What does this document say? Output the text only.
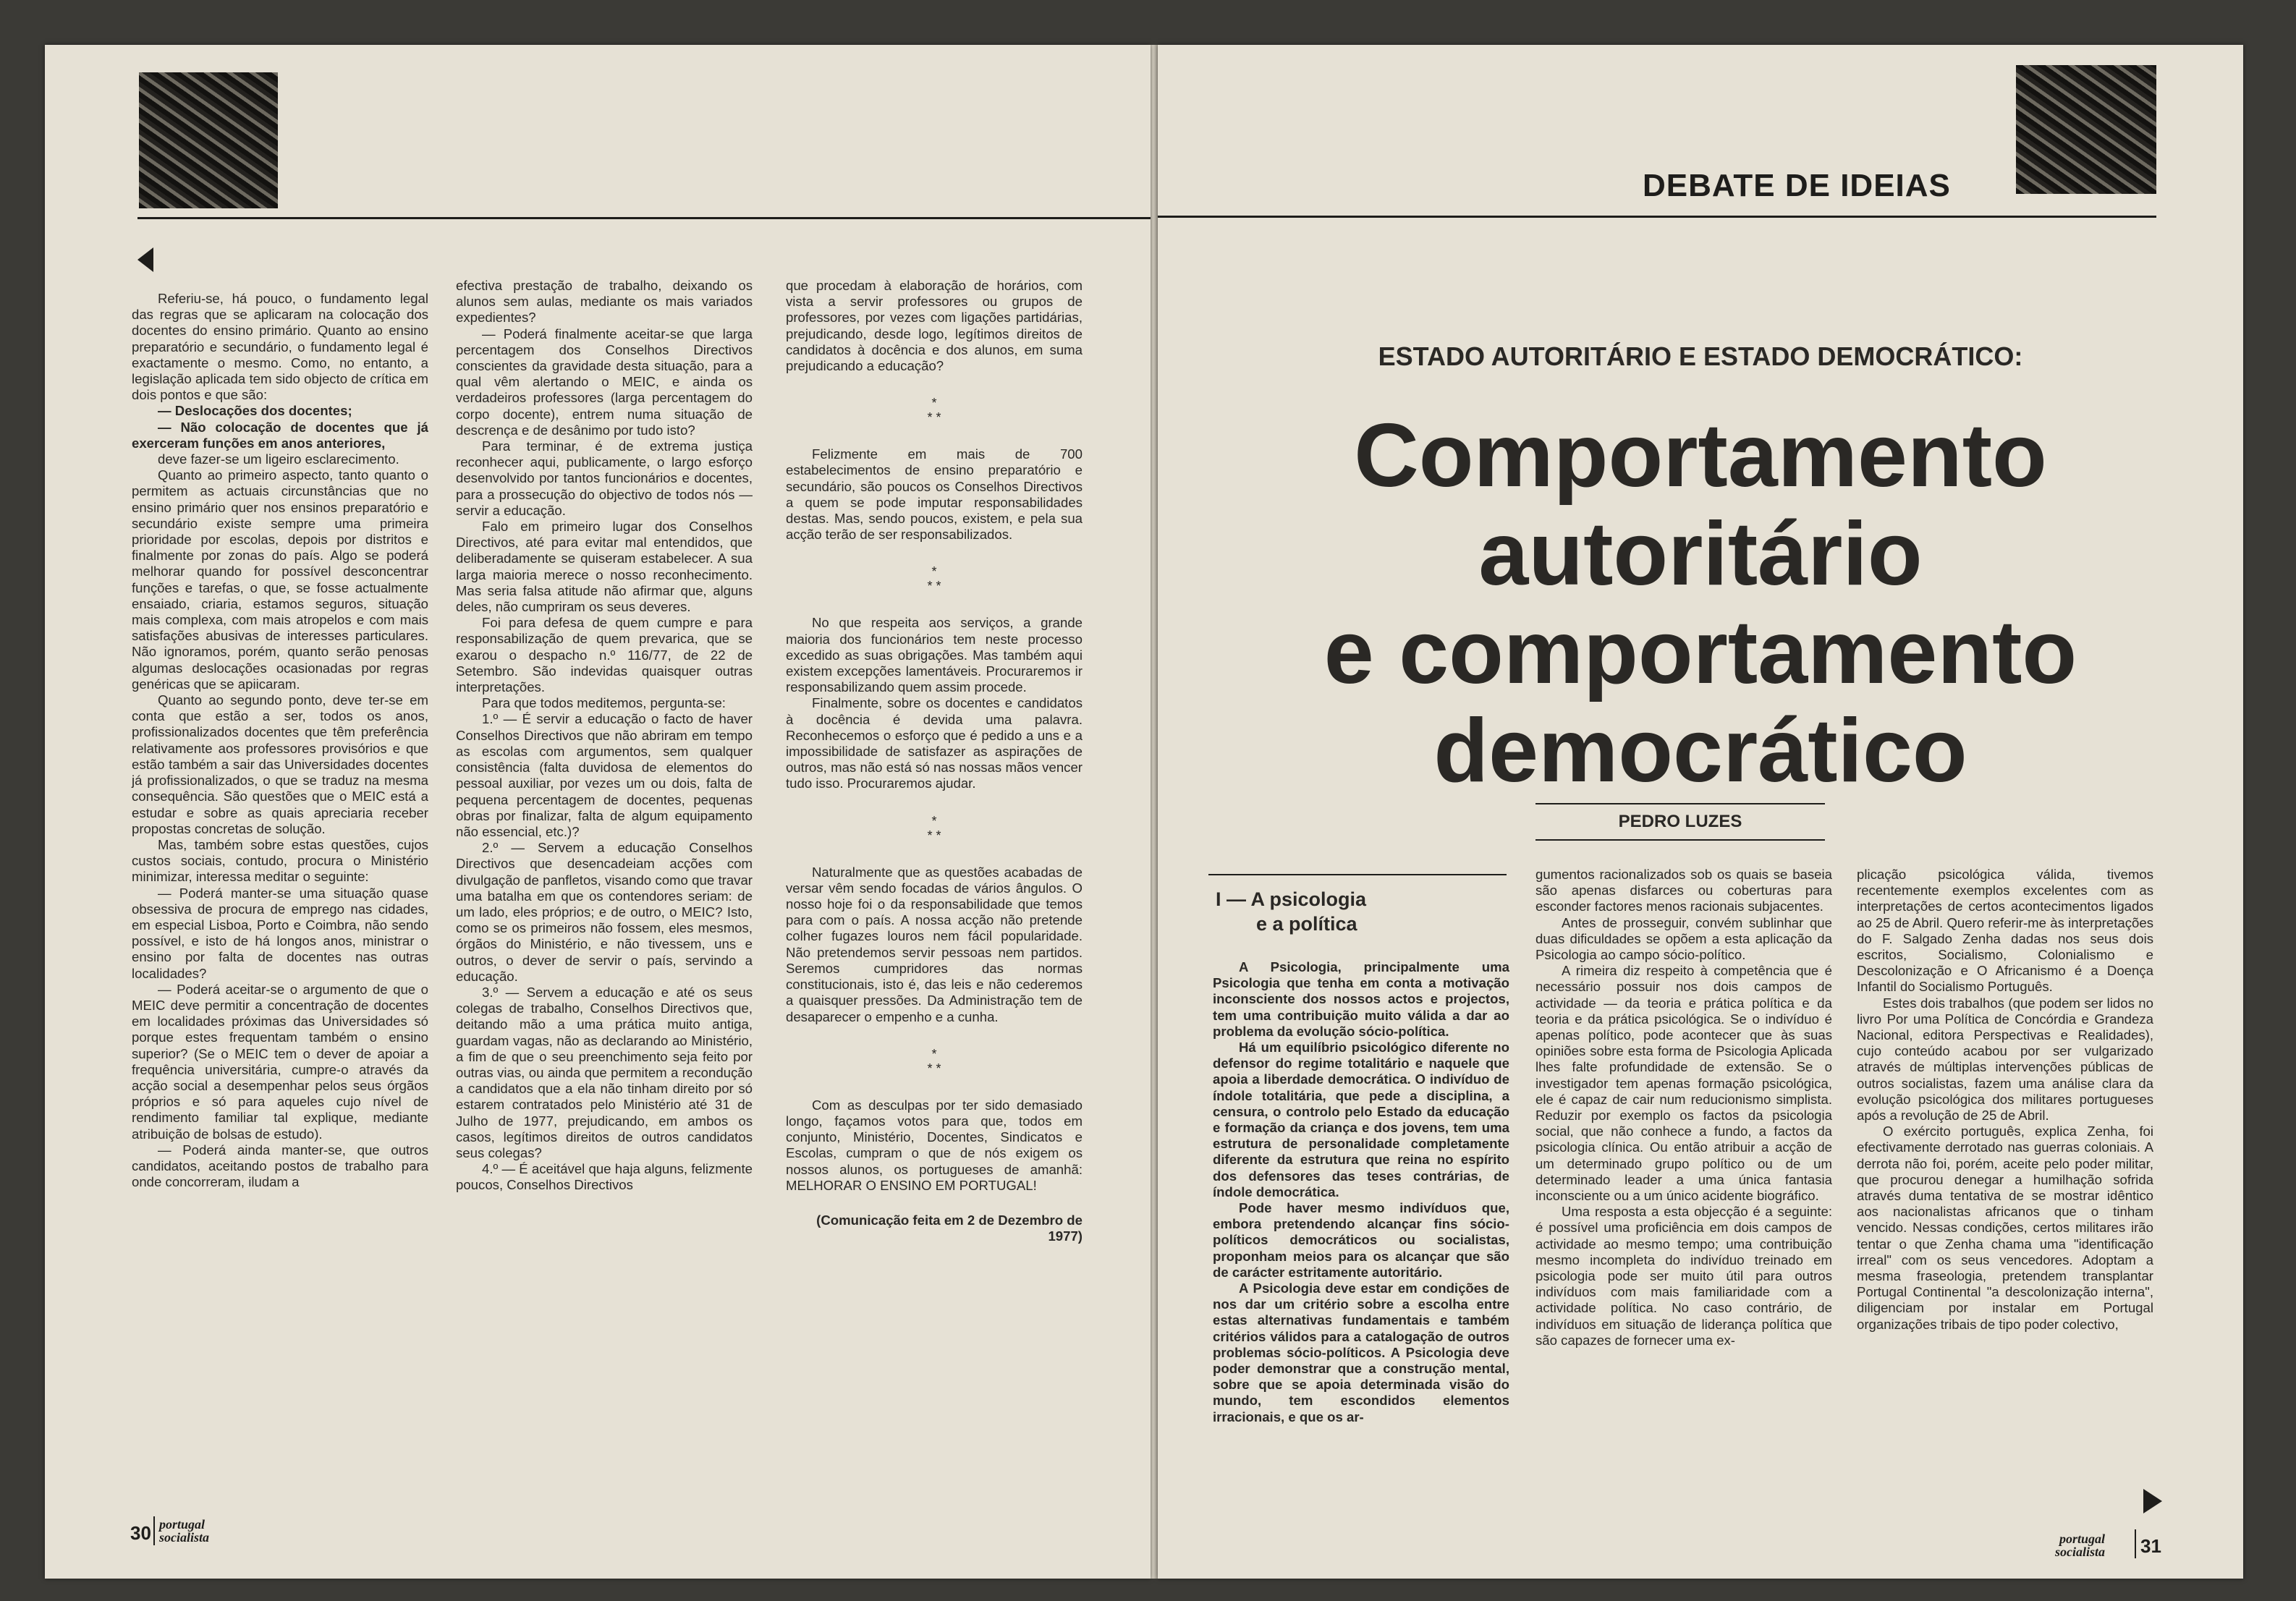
Referiu-se, há pouco, o fundamento legal das regras que se aplicaram na colocação dos docentes do ensino primário. Quanto ao ensino preparatório e secundário, o fundamento legal é exactamente o mesmo. Como, no entanto, a legislação aplicada tem sido objecto de crítica em dois pontos e que são:

— Deslocações dos docentes;

— Não colocação de docentes que já exerceram funções em anos anteriores,

deve fazer-se um ligeiro esclarecimento.

Quanto ao primeiro aspecto, tanto quanto o permitem as actuais circunstâncias que no ensino primário quer nos ensinos preparatório e secundário existe sempre uma primeira prioridade por escolas, depois por distritos e finalmente por zonas do país. Algo se poderá melhorar quando for possível desconcentrar funções e tarefas, o que, se fosse actualmente ensaiado, criaria, estamos seguros, situação mais complexa, com mais atropelos e com mais satisfações abusivas de interesses particulares. Não ignoramos, porém, quanto serão penosas algumas deslocações ocasionadas por regras genéricas que se apiicaram.

Quanto ao segundo ponto, deve ter-se em conta que estão a ser, todos os anos, profissionalizados docentes que têm preferência relativamente aos professores provisórios e que estão também a sair das Universidades docentes já profissionalizados, o que se traduz na mesma consequência. São questões que o MEIC está a estudar e sobre as quais apreciaria receber propostas concretas de solução.

Mas, também sobre estas questões, cujos custos sociais, contudo, procura o Ministério minimizar, interessa meditar o seguinte:

— Poderá manter-se uma situação quase obsessiva de procura de emprego nas cidades, em especial Lisboa, Porto e Coimbra, não sendo possível, e isto de há longos anos, ministrar o ensino por falta de docentes nas outras localidades?

— Poderá aceitar-se o argumento de que o MEIC deve permitir a concentração de docentes em localidades próximas das Universidades só porque estes frequentam também o ensino superior? (Se o MEIC tem o dever de apoiar a frequência universitária, cumpre-o através da acção social a desempenhar pelos seus órgãos próprios e só para aqueles cujo nível de rendimento familiar tal explique, mediante atribuição de bolsas de estudo).

— Poderá ainda manter-se, que outros candidatos, aceitando postos de trabalho para onde concorreram, iludam a

efectiva prestação de trabalho, deixando os alunos sem aulas, mediante os mais variados expedientes?

— Poderá finalmente aceitar-se que larga percentagem dos Conselhos Directivos conscientes da gravidade desta situação, para a qual vêm alertando o MEIC, e ainda os verdadeiros professores (larga percentagem do corpo docente), entrem numa situação de descrença e de desânimo por tudo isto?

Para terminar, é de extrema justiça reconhecer aqui, publicamente, o largo esforço desenvolvido por tantos funcionários e docentes, para a prossecução do objectivo de todos nós — servir a educação.

Falo em primeiro lugar dos Conselhos Directivos, até para evitar mal entendidos, que deliberadamente se quiseram estabelecer. A sua larga maioria merece o nosso reconhecimento. Mas seria falsa atitude não afirmar que, alguns deles, não cumpriram os seus deveres.

Foi para defesa de quem cumpre e para responsabilização de quem prevarica, que se exarou o despacho n.º 116/77, de 22 de Setembro. São indevidas quaisquer outras interpretações.

Para que todos meditemos, pergunta-se:

1.º — É servir a educação o facto de haver Conselhos Directivos que não abriram em tempo as escolas com argumentos, sem qualquer consistência (falta duvidosa de elementos do pessoal auxiliar, por vezes um ou dois, falta de pequena percentagem de docentes, pequenas obras por finalizar, falta de algum equipamento não essencial, etc.)?

2.º — Servem a educação Conselhos Directivos que desencadeiam acções com divulgação de panfletos, visando como que travar uma batalha em que os contendores seriam: de um lado, eles próprios; e de outro, o MEIC? Isto, como se os primeiros não fossem, eles mesmos, órgãos do Ministério, e não tivessem, uns e outros, o dever de servir o país, servindo a educação.

3.º — Servem a educação e até os seus colegas de trabalho, Conselhos Directivos que, deitando mão a uma prática muito antiga, guardam vagas, não as declarando ao Ministério, a fim de que o seu preenchimento seja feito por outras vias, ou ainda que permitem a recondução a candidatos que a ela não tinham direito por só estarem contratados pelo Ministério até 31 de Julho de 1977, prejudicando, em ambos os casos, legítimos direitos de outros candidatos seus colegas?

4.º — É aceitável que haja alguns, felizmente poucos, Conselhos Directivos

que procedam à elaboração de horários, com vista a servir professores ou grupos de professores, por vezes com ligações partidárias, prejudicando, desde logo, legítimos direitos de candidatos à docência e dos alunos, em suma prejudicando a educação?

*
* *

Felizmente em mais de 700 estabelecimentos de ensino preparatório e secundário, são poucos os Conselhos Directivos a quem se pode imputar responsabilidades destas. Mas, sendo poucos, existem, e pela sua acção terão de ser responsabilizados.

*
* *

No que respeita aos serviços, a grande maioria dos funcionários tem neste processo excedido as suas obrigações. Mas também aqui existem excepções lamentáveis. Procuraremos ir responsabilizando quem assim procede.

Finalmente, sobre os docentes e candidatos à docência é devida uma palavra. Reconhecemos o esforço que é pedido a uns e a impossibilidade de satisfazer as aspirações de outros, mas não está só nas nossas mãos vencer tudo isso. Procuraremos ajudar.

*
* *

Naturalmente que as questões acabadas de versar vêm sendo focadas de vários ângulos. O nosso hoje foi o da responsabilidade que temos para com o país. A nossa acção não pretende colher fugazes louros nem fácil popularidade. Não pretendemos servir pessoas nem partidos. Seremos cumpridores das normas constitucionais, isto é, das leis e não cederemos a quaisquer pressões. Da Administração tem de desaparecer o empenho e a cunha.

*
* *

Com as desculpas por ter sido demasiado longo, façamos votos para que, todos em conjunto, Ministério, Docentes, Sindicatos e Escolas, cumpram o que de nós exigem os nossos alunos, os portugueses de amanhã: MELHORAR O ENSINO EM PORTUGAL!

(Comunicação feita em 2 de Dezembro de 1977)

30 portugal
socialista
DEBATE DE IDEIAS
ESTADO AUTORITÁRIO E ESTADO DEMOCRÁTICO:
Comportamento
autoritário
e comportamento
democrático
PEDRO LUZES
I — A psicologia
e a política

A Psicologia, principalmente uma Psicologia que tenha em conta a motivação inconsciente dos nossos actos e projectos, tem uma contribuição muito válida a dar ao problema da evolução sócio-política.

Há um equilíbrio psicológico diferente no defensor do regime totalitário e naquele que apoia a liberdade democrática. O indivíduo de índole totalitária, que pede a disciplina, a censura, o controlo pelo Estado da educação e formação da criança e dos jovens, tem uma estrutura de personalidade completamente diferente da estrutura que reina no espírito dos defensores das teses contrárias, de índole democrática.

Pode haver mesmo indivíduos que, embora pretendendo alcançar fins sócio-políticos democráticos ou socialistas, proponham meios para os alcançar que são de carácter estritamente autoritário.

A Psicologia deve estar em condições de nos dar um critério sobre a escolha entre estas alternativas fundamentais e também critérios válidos para a catalogação de outros problemas sócio-políticos. A Psicologia deve poder demonstrar que a construção mental, sobre que se apoia determinada visão do mundo, tem escondidos elementos irracionais, e que os ar-

gumentos racionalizados sob os quais se baseia são apenas disfarces ou coberturas para esconder factores menos racionais subjacentes.

Antes de prosseguir, convém sublinhar que duas dificuldades se opõem a esta aplicação da Psicologia ao campo sócio-político.

A rimeira diz respeito à competência que é necessário possuir nos dois campos de actividade — da teoria e prática política e da teoria e da prática psicológica. Se o indivíduo é apenas político, pode acontecer que às suas opiniões sobre esta forma de Psicologia Aplicada lhes falte profundidade de extensão. Se o investigador tem apenas formação psicológica, ele é capaz de cair num reducionismo simplista. Reduzir por exemplo os factos da psicologia social, que não conhece a fundo, a factos da psicologia clínica. Ou então atribuir a acção de um determinado grupo político ou de um determinado leader a uma única fantasia inconsciente ou a um único acidente biográfico.

Uma resposta a esta objecção é a seguinte: é possível uma proficiência em dois campos de actividade ao mesmo tempo; uma contribuição mesmo incompleta do indivíduo treinado em psicologia pode ser muito útil para outros indivíduos com mais familiaridade com a actividade política. No caso contrário, de indivíduos em situação de liderança política que são capazes de fornecer uma ex-

plicação psicológica válida, tivemos recentemente exemplos excelentes com as interpretações de certos acontecimentos ligados ao 25 de Abril. Quero referir-me às interpretações do F. Salgado Zenha dadas nos seus dois escritos, Socialismo, Colonialismo e Descolonização e O Africanismo é a Doença Infantil do Socialismo Português.

Estes dois trabalhos (que podem ser lidos no livro Por uma Política de Concórdia e Grandeza Nacional, editora Perspectivas e Realidades), cujo conteúdo acabou por ser vulgarizado através de múltiplas intervenções públicas de outros socialistas, fazem uma análise clara da evolução psicológica dos militares portugueses após a revolução de 25 de Abril.

O exército português, explica Zenha, foi efectivamente derrotado nas guerras coloniais. A derrota não foi, porém, aceite pelo poder militar, que procurou denegar a humilhação sofrida através duma tentativa de se mostrar idêntico aos nacionalistas africanos que o tinham vencido. Nessas condições, certos militares irão tentar o que Zenha chama uma "identificação irreal" com os seus vencedores. Adoptam a mesma fraseologia, pretendem transplantar Portugal Continental "a descolonização interna", diligenciam por instalar em Portugal organizações tribais de tipo poder colectivo,

portugal
socialista 31
